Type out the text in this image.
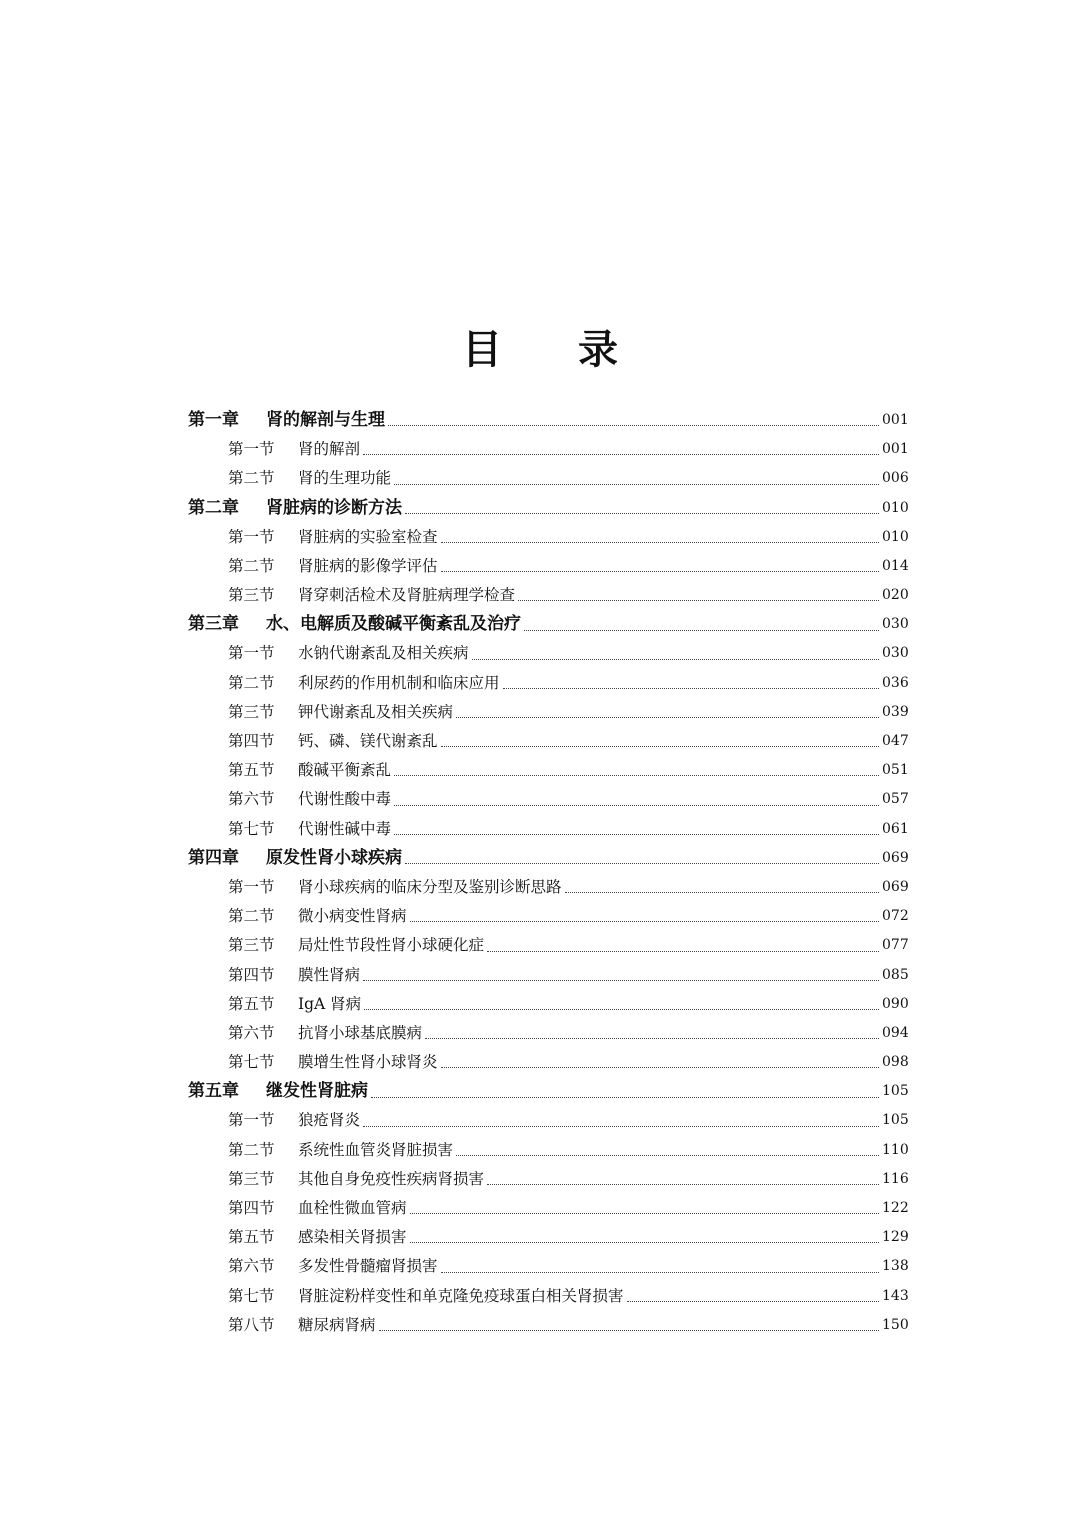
目 录
第一章	肾的解剖与生理	001
第一节	肾的解剖	001
第二节	肾的生理功能	006
第二章	肾脏病的诊断方法	010
第一节	肾脏病的实验室检查	010
第二节	肾脏病的影像学评估	014
第三节	肾穿刺活检术及肾脏病理学检查	020
第三章	水、电解质及酸碱平衡紊乱及治疗	030
第一节	水钠代谢紊乱及相关疾病	030
第二节	利尿药的作用机制和临床应用	036
第三节	钾代谢紊乱及相关疾病	039
第四节	钙、磷、镁代谢紊乱	047
第五节	酸碱平衡紊乱	051
第六节	代谢性酸中毒	057
第七节	代谢性碱中毒	061
第四章	原发性肾小球疾病	069
第一节	肾小球疾病的临床分型及鉴别诊断思路	069
第二节	微小病变性肾病	072
第三节	局灶性节段性肾小球硬化症	077
第四节	膜性肾病	085
第五节	IgA 肾病	090
第六节	抗肾小球基底膜病	094
第七节	膜增生性肾小球肾炎	098
第五章	继发性肾脏病	105
第一节	狼疮肾炎	105
第二节	系统性血管炎肾脏损害	110
第三节	其他自身免疫性疾病肾损害	116
第四节	血栓性微血管病	122
第五节	感染相关肾损害	129
第六节	多发性骨髓瘤肾损害	138
第七节	肾脏淀粉样变性和单克隆免疫球蛋白相关肾损害	143
第八节	糖尿病肾病	150
